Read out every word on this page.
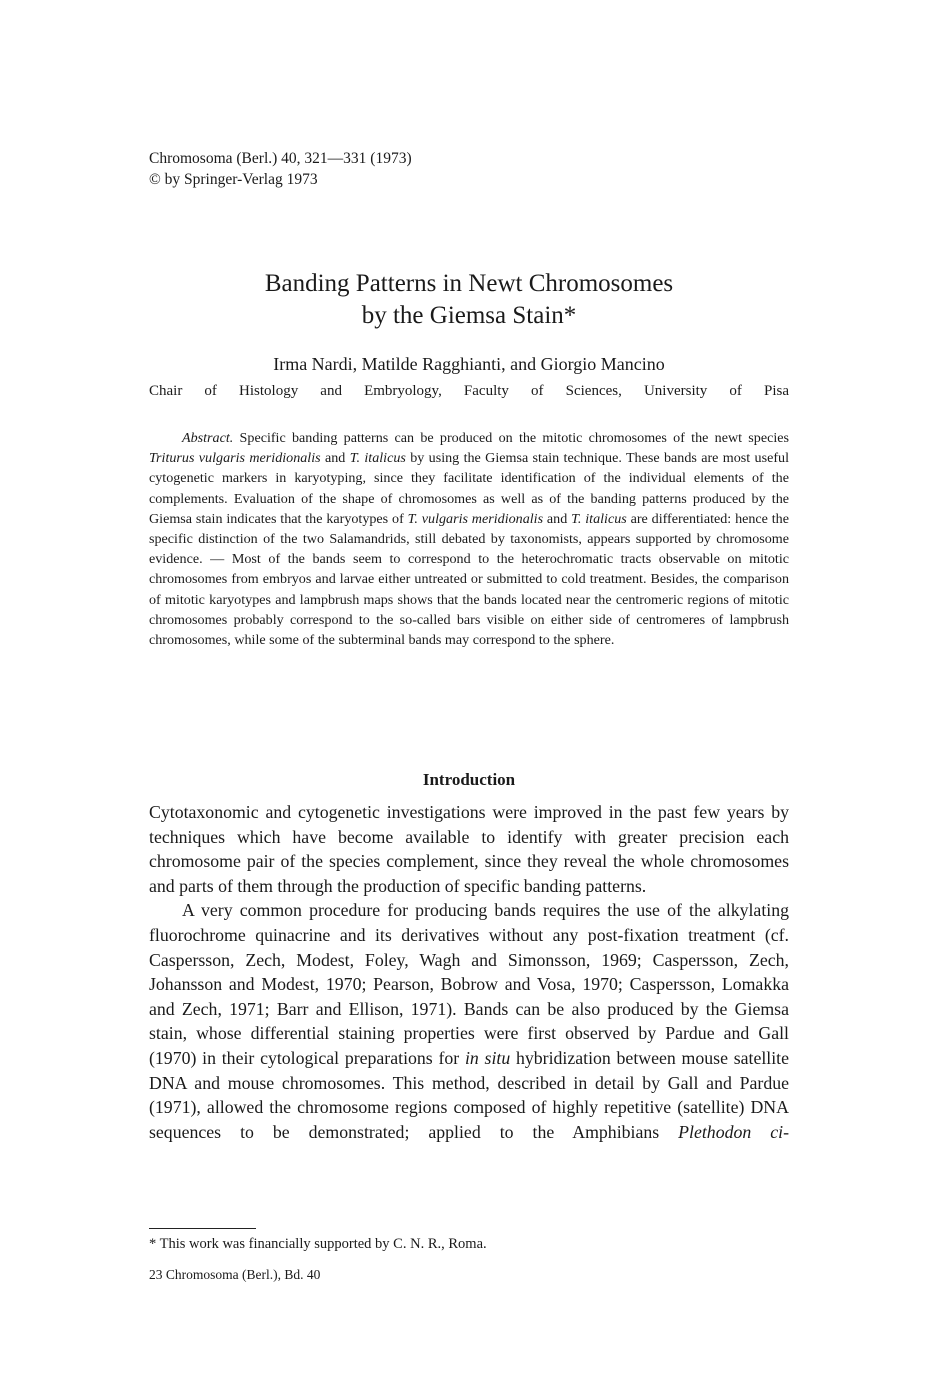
Chromosoma (Berl.) 40, 321—331 (1973)
© by Springer-Verlag 1973
Banding Patterns in Newt Chromosomes
by the Giemsa Stain*
Irma Nardi, Matilde Ragghianti, and Giorgio Mancino
Chair of Histology and Embryology, Faculty of Sciences, University of Pisa

Abstract. Specific banding patterns can be produced on the mitotic chromosomes of the newt species Triturus vulgaris meridionalis and T. italicus by using the Giemsa stain technique. These bands are most useful cytogenetic markers in karyotyping, since they facilitate identification of the individual elements of the complements. Evaluation of the shape of chromosomes as well as of the banding patterns produced by the Giemsa stain indicates that the karyotypes of T. vulgaris meridionalis and T. italicus are differentiated: hence the specific distinction of the two Salamandrids, still debated by taxonomists, appears supported by chromosome evidence. — Most of the bands seem to correspond to the heterochromatic tracts observable on mitotic chromosomes from embryos and larvae either untreated or submitted to cold treatment. Besides, the comparison of mitotic karyotypes and lampbrush maps shows that the bands located near the centromeric regions of mitotic chromosomes probably correspond to the so-called bars visible on either side of centromeres of lampbrush chromosomes, while some of the subterminal bands may correspond to the sphere.

Introduction

Cytotaxonomic and cytogenetic investigations were improved in the past few years by techniques which have become available to identify with greater precision each chromosome pair of the species complement, since they reveal the whole chromosomes and parts of them through the production of specific banding patterns.

A very common procedure for producing bands requires the use of the alkylating fluorochrome quinacrine and its derivatives without any post-fixation treatment (cf. Caspersson, Zech, Modest, Foley, Wagh and Simonsson, 1969; Caspersson, Zech, Johansson and Modest, 1970; Pearson, Bobrow and Vosa, 1970; Caspersson, Lomakka and Zech, 1971; Barr and Ellison, 1971). Bands can be also produced by the Giemsa stain, whose differential staining properties were first observed by Pardue and Gall (1970) in their cytological preparations for in situ hybridization between mouse satellite DNA and mouse chromosomes. This method, described in detail by Gall and Pardue (1971), allowed the chromosome regions composed of highly repetitive (satellite) DNA sequences to be demonstrated; applied to the Amphibians Plethodon ci-

* This work was financially supported by C. N. R., Roma.
23 Chromosoma (Berl.), Bd. 40
